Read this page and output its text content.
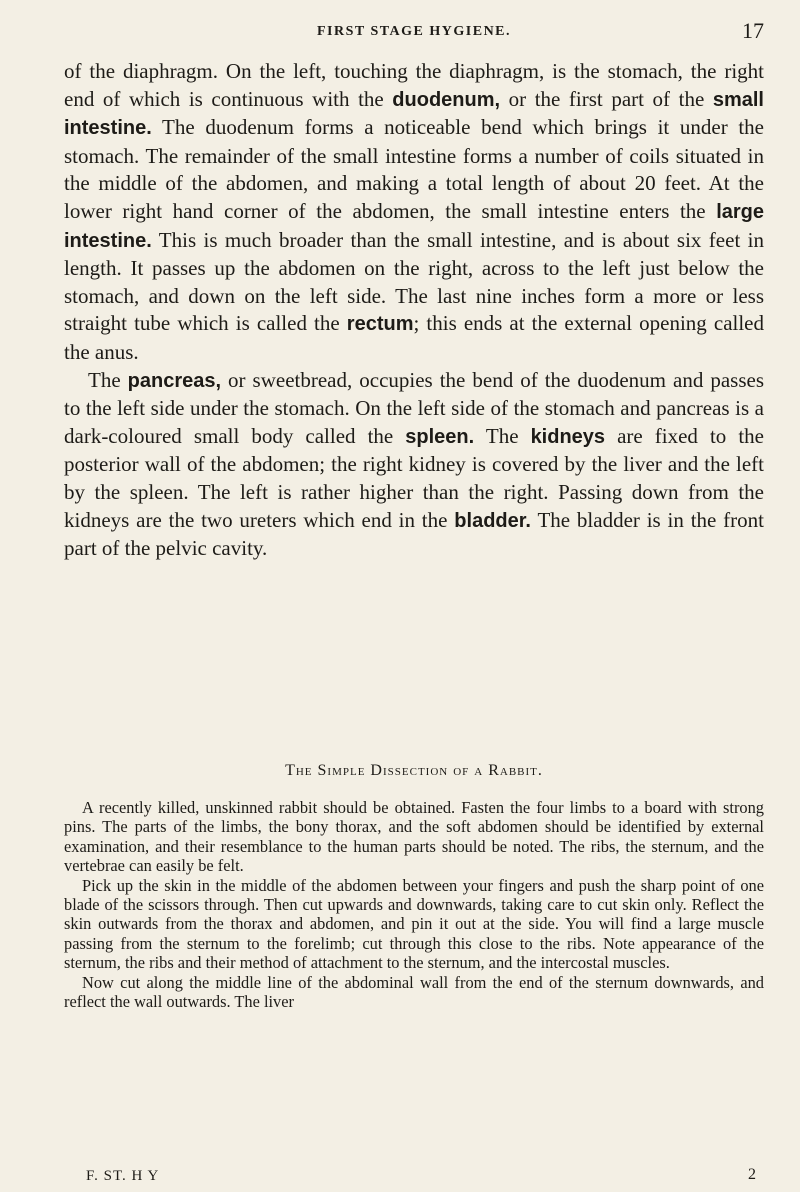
FIRST STAGE HYGIENE.	17

of the diaphragm. On the left, touching the diaphragm, is the stomach, the right end of which is continuous with the duodenum, or the first part of the small intestine. The duodenum forms a noticeable bend which brings it under the stomach. The remainder of the small intestine forms a number of coils situated in the middle of the abdomen, and making a total length of about 20 feet. At the lower right hand corner of the abdomen, the small intestine enters the large intestine. This is much broader than the small intestine, and is about six feet in length. It passes up the abdomen on the right, across to the left just below the stomach, and down on the left side. The last nine inches form a more or less straight tube which is called the rectum; this ends at the external opening called the anus.

The pancreas, or sweetbread, occupies the bend of the duodenum and passes to the left side under the stomach. On the left side of the stomach and pancreas is a dark-coloured small body called the spleen. The kidneys are fixed to the posterior wall of the abdomen; the right kidney is covered by the liver and the left by the spleen. The left is rather higher than the right. Passing down from the kidneys are the two ureters which end in the bladder. The bladder is in the front part of the pelvic cavity.

The Simple Dissection of a Rabbit.

A recently killed, unskinned rabbit should be obtained. Fasten the four limbs to a board with strong pins. The parts of the limbs, the bony thorax, and the soft abdomen should be identified by external examination, and their resemblance to the human parts should be noted. The ribs, the sternum, and the vertebrae can easily be felt.

Pick up the skin in the middle of the abdomen between your fingers and push the sharp point of one blade of the scissors through. Then cut upwards and downwards, taking care to cut skin only. Reflect the skin outwards from the thorax and abdomen, and pin it out at the side. You will find a large muscle passing from the sternum to the forelimb; cut through this close to the ribs. Note appearance of the sternum, the ribs and their method of attachment to the sternum, and the intercostal muscles.

Now cut along the middle line of the abdominal wall from the end of the sternum downwards, and reflect the wall outwards. The liver

F. ST. H Y	2
